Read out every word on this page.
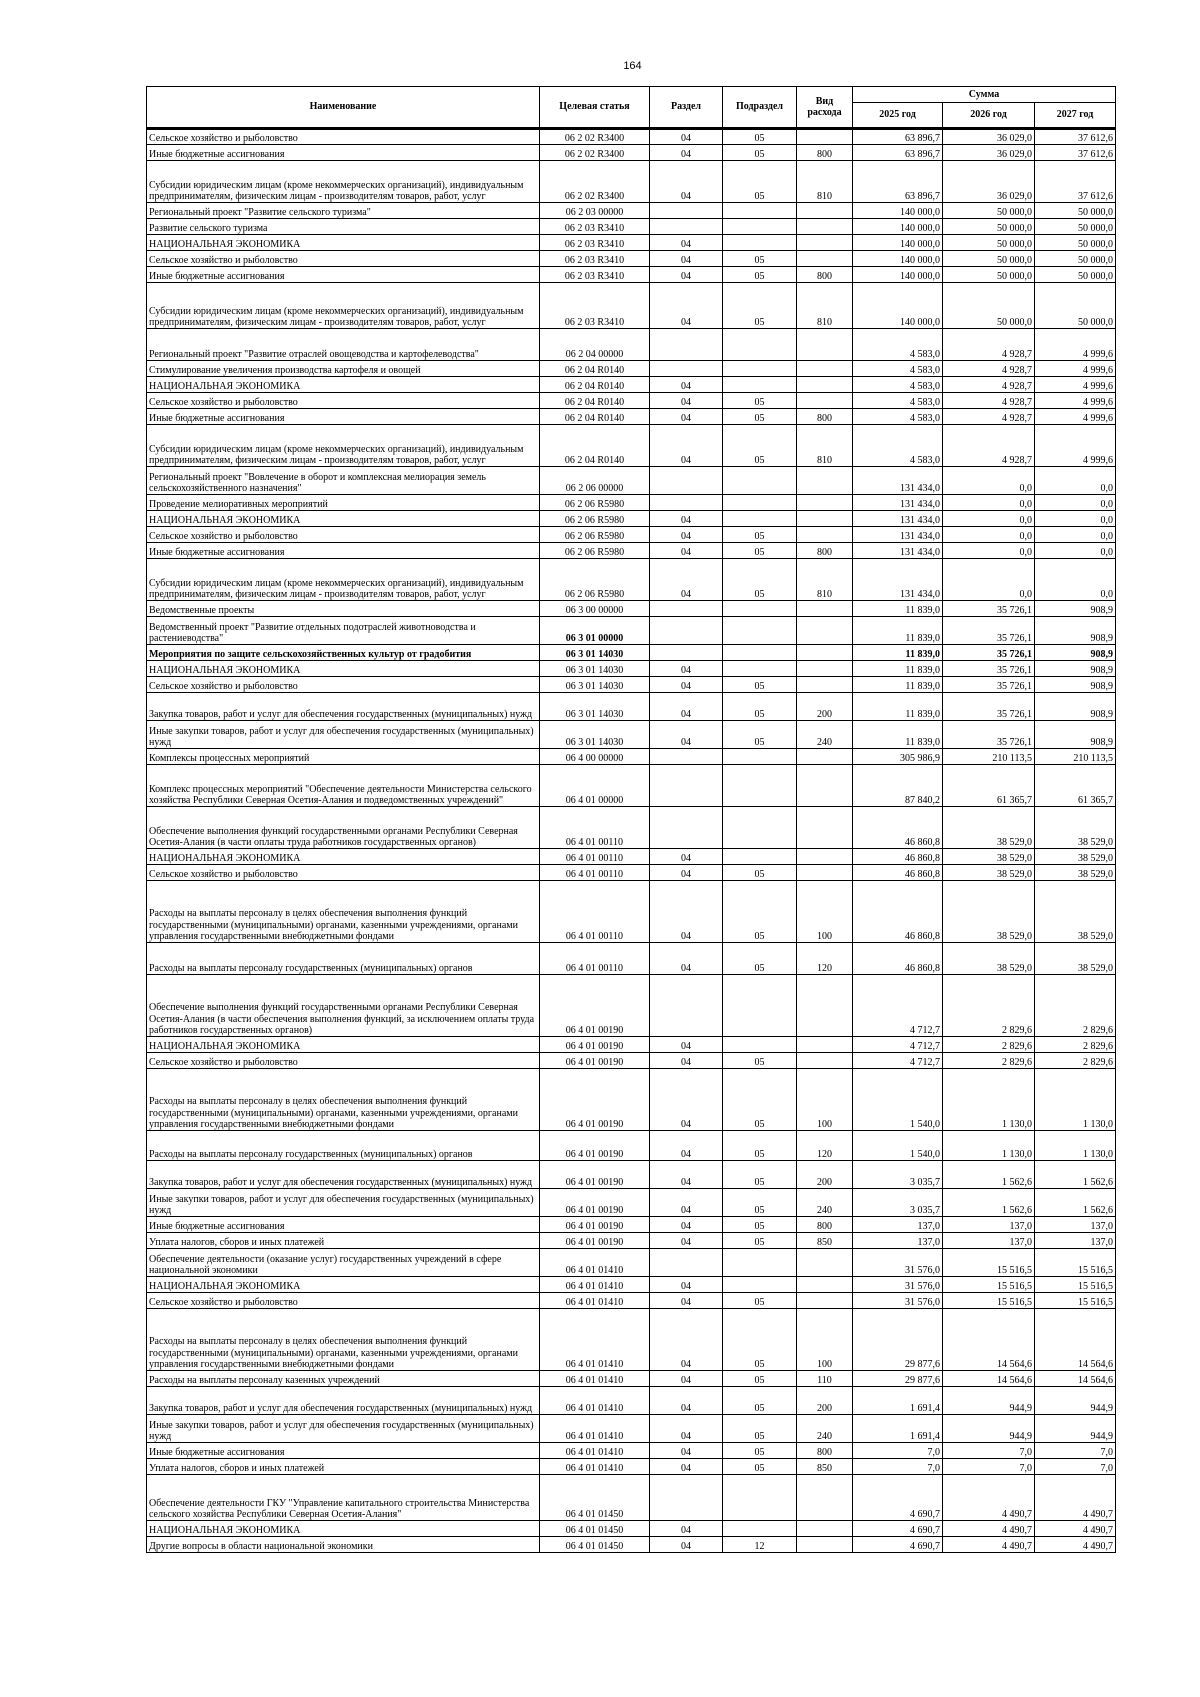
164
Наименование	Целевая статья	Раздел	Подраздел	Вид расхода	Сумма		
					2025 год	2026 год	2027 год
Сельское хозяйство и рыболовство	06 2 02 R3400	04	05		63 896,7	36 029,0	37 612,6
Иные бюджетные ассигнования	06 2 02 R3400	04	05	800	63 896,7	36 029,0	37 612,6
Субсидии юридическим лицам (кроме некоммерческих организаций), индивидуальным предпринимателям, физическим лицам - производителям товаров, работ, услуг	06 2 02 R3400	04	05	810	63 896,7	36 029,0	37 612,6
Региональный проект "Развитие сельского туризма"	06 2 03 00000				140 000,0	50 000,0	50 000,0
Развитие сельского туризма	06 2 03 R3410				140 000,0	50 000,0	50 000,0
НАЦИОНАЛЬНАЯ ЭКОНОМИКА	06 2 03 R3410	04			140 000,0	50 000,0	50 000,0
Сельское хозяйство и рыболовство	06 2 03 R3410	04	05		140 000,0	50 000,0	50 000,0
Иные бюджетные ассигнования	06 2 03 R3410	04	05	800	140 000,0	50 000,0	50 000,0
Субсидии юридическим лицам (кроме некоммерческих организаций), индивидуальным предпринимателям, физическим лицам - производителям товаров, работ, услуг	06 2 03 R3410	04	05	810	140 000,0	50 000,0	50 000,0
Региональный проект "Развитие отраслей овощеводства и картофелеводства"	06 2 04 00000				4 583,0	4 928,7	4 999,6
Стимулирование увеличения производства картофеля и овощей	06 2 04 R0140				4 583,0	4 928,7	4 999,6
НАЦИОНАЛЬНАЯ ЭКОНОМИКА	06 2 04 R0140	04			4 583,0	4 928,7	4 999,6
Сельское хозяйство и рыболовство	06 2 04 R0140	04	05		4 583,0	4 928,7	4 999,6
Иные бюджетные ассигнования	06 2 04 R0140	04	05	800	4 583,0	4 928,7	4 999,6
Субсидии юридическим лицам (кроме некоммерческих организаций), индивидуальным предпринимателям, физическим лицам - производителям товаров, работ, услуг	06 2 04 R0140	04	05	810	4 583,0	4 928,7	4 999,6
Региональный проект "Вовлечение в оборот и комплексная мелиорация земель сельскохозяйственного назначения"	06 2 06 00000				131 434,0	0,0	0,0
Проведение мелиоративных мероприятий	06 2 06 R5980				131 434,0	0,0	0,0
НАЦИОНАЛЬНАЯ ЭКОНОМИКА	06 2 06 R5980	04			131 434,0	0,0	0,0
Сельское хозяйство и рыболовство	06 2 06 R5980	04	05		131 434,0	0,0	0,0
Иные бюджетные ассигнования	06 2 06 R5980	04	05	800	131 434,0	0,0	0,0
Субсидии юридическим лицам (кроме некоммерческих организаций), индивидуальным предпринимателям, физическим лицам - производителям товаров, работ, услуг	06 2 06 R5980	04	05	810	131 434,0	0,0	0,0
Ведомственные проекты	06 3 00 00000				11 839,0	35 726,1	908,9
Ведомственный проект "Развитие отдельных подотраслей животноводства и растениеводства"	06 3 01 00000				11 839,0	35 726,1	908,9
Мероприятия по защите сельскохозяйственных культур от градобития	06 3 01 14030				11 839,0	35 726,1	908,9
НАЦИОНАЛЬНАЯ ЭКОНОМИКА	06 3 01 14030	04			11 839,0	35 726,1	908,9
Сельское хозяйство и рыболовство	06 3 01 14030	04	05		11 839,0	35 726,1	908,9
Закупка товаров, работ и услуг для обеспечения государственных (муниципальных) нужд	06 3 01 14030	04	05	200	11 839,0	35 726,1	908,9
Иные закупки товаров, работ и услуг для обеспечения государственных (муниципальных) нужд	06 3 01 14030	04	05	240	11 839,0	35 726,1	908,9
Комплексы процессных мероприятий	06 4 00 00000				305 986,9	210 113,5	210 113,5
Комплекс процессных мероприятий "Обеспечение деятельности Министерства сельского хозяйства Республики Северная Осетия-Алания и подведомственных учреждений"	06 4 01 00000				87 840,2	61 365,7	61 365,7
Обеспечение выполнения функций государственными органами Республики Северная Осетия-Алания (в части оплаты труда работников государственных органов)	06 4 01 00110				46 860,8	38 529,0	38 529,0
НАЦИОНАЛЬНАЯ ЭКОНОМИКА	06 4 01 00110	04			46 860,8	38 529,0	38 529,0
Сельское хозяйство и рыболовство	06 4 01 00110	04	05		46 860,8	38 529,0	38 529,0
Расходы на выплаты персоналу в целях обеспечения выполнения функций государственными (муниципальными) органами, казенными учреждениями, органами управления государственными внебюджетными фондами	06 4 01 00110	04	05	100	46 860,8	38 529,0	38 529,0
Расходы на выплаты персоналу государственных (муниципальных) органов	06 4 01 00110	04	05	120	46 860,8	38 529,0	38 529,0
Обеспечение выполнения функций государственными органами Республики Северная Осетия-Алания (в части обеспечения выполнения функций, за исключением оплаты труда работников государственных органов)	06 4 01 00190				4 712,7	2 829,6	2 829,6
НАЦИОНАЛЬНАЯ ЭКОНОМИКА	06 4 01 00190	04			4 712,7	2 829,6	2 829,6
Сельское хозяйство и рыболовство	06 4 01 00190	04	05		4 712,7	2 829,6	2 829,6
Расходы на выплаты персоналу в целях обеспечения выполнения функций государственными (муниципальными) органами, казенными учреждениями, органами управления государственными внебюджетными фондами	06 4 01 00190	04	05	100	1 540,0	1 130,0	1 130,0
Расходы на выплаты персоналу государственных (муниципальных) органов	06 4 01 00190	04	05	120	1 540,0	1 130,0	1 130,0
Закупка товаров, работ и услуг для обеспечения государственных (муниципальных) нужд	06 4 01 00190	04	05	200	3 035,7	1 562,6	1 562,6
Иные закупки товаров, работ и услуг для обеспечения государственных (муниципальных) нужд	06 4 01 00190	04	05	240	3 035,7	1 562,6	1 562,6
Иные бюджетные ассигнования	06 4 01 00190	04	05	800	137,0	137,0	137,0
Уплата налогов, сборов и иных платежей	06 4 01 00190	04	05	850	137,0	137,0	137,0
Обеспечение деятельности (оказание услуг) государственных учреждений в сфере национальной экономики	06 4 01 01410				31 576,0	15 516,5	15 516,5
НАЦИОНАЛЬНАЯ ЭКОНОМИКА	06 4 01 01410	04			31 576,0	15 516,5	15 516,5
Сельское хозяйство и рыболовство	06 4 01 01410	04	05		31 576,0	15 516,5	15 516,5
Расходы на выплаты персоналу в целях обеспечения выполнения функций государственными (муниципальными) органами, казенными учреждениями, органами управления государственными внебюджетными фондами	06 4 01 01410	04	05	100	29 877,6	14 564,6	14 564,6
Расходы на выплаты персоналу казенных учреждений	06 4 01 01410	04	05	110	29 877,6	14 564,6	14 564,6
Закупка товаров, работ и услуг для обеспечения государственных (муниципальных) нужд	06 4 01 01410	04	05	200	1 691,4	944,9	944,9
Иные закупки товаров, работ и услуг для обеспечения государственных (муниципальных) нужд	06 4 01 01410	04	05	240	1 691,4	944,9	944,9
Иные бюджетные ассигнования	06 4 01 01410	04	05	800	7,0	7,0	7,0
Уплата налогов, сборов и иных платежей	06 4 01 01410	04	05	850	7,0	7,0	7,0
Обеспечение деятельности ГКУ "Управление капитального строительства Министерства сельского хозяйства Республики Северная Осетия-Алания"	06 4 01 01450				4 690,7	4 490,7	4 490,7
НАЦИОНАЛЬНАЯ ЭКОНОМИКА	06 4 01 01450	04			4 690,7	4 490,7	4 490,7
Другие вопросы в области национальной экономики	06 4 01 01450	04	12		4 690,7	4 490,7	4 490,7
